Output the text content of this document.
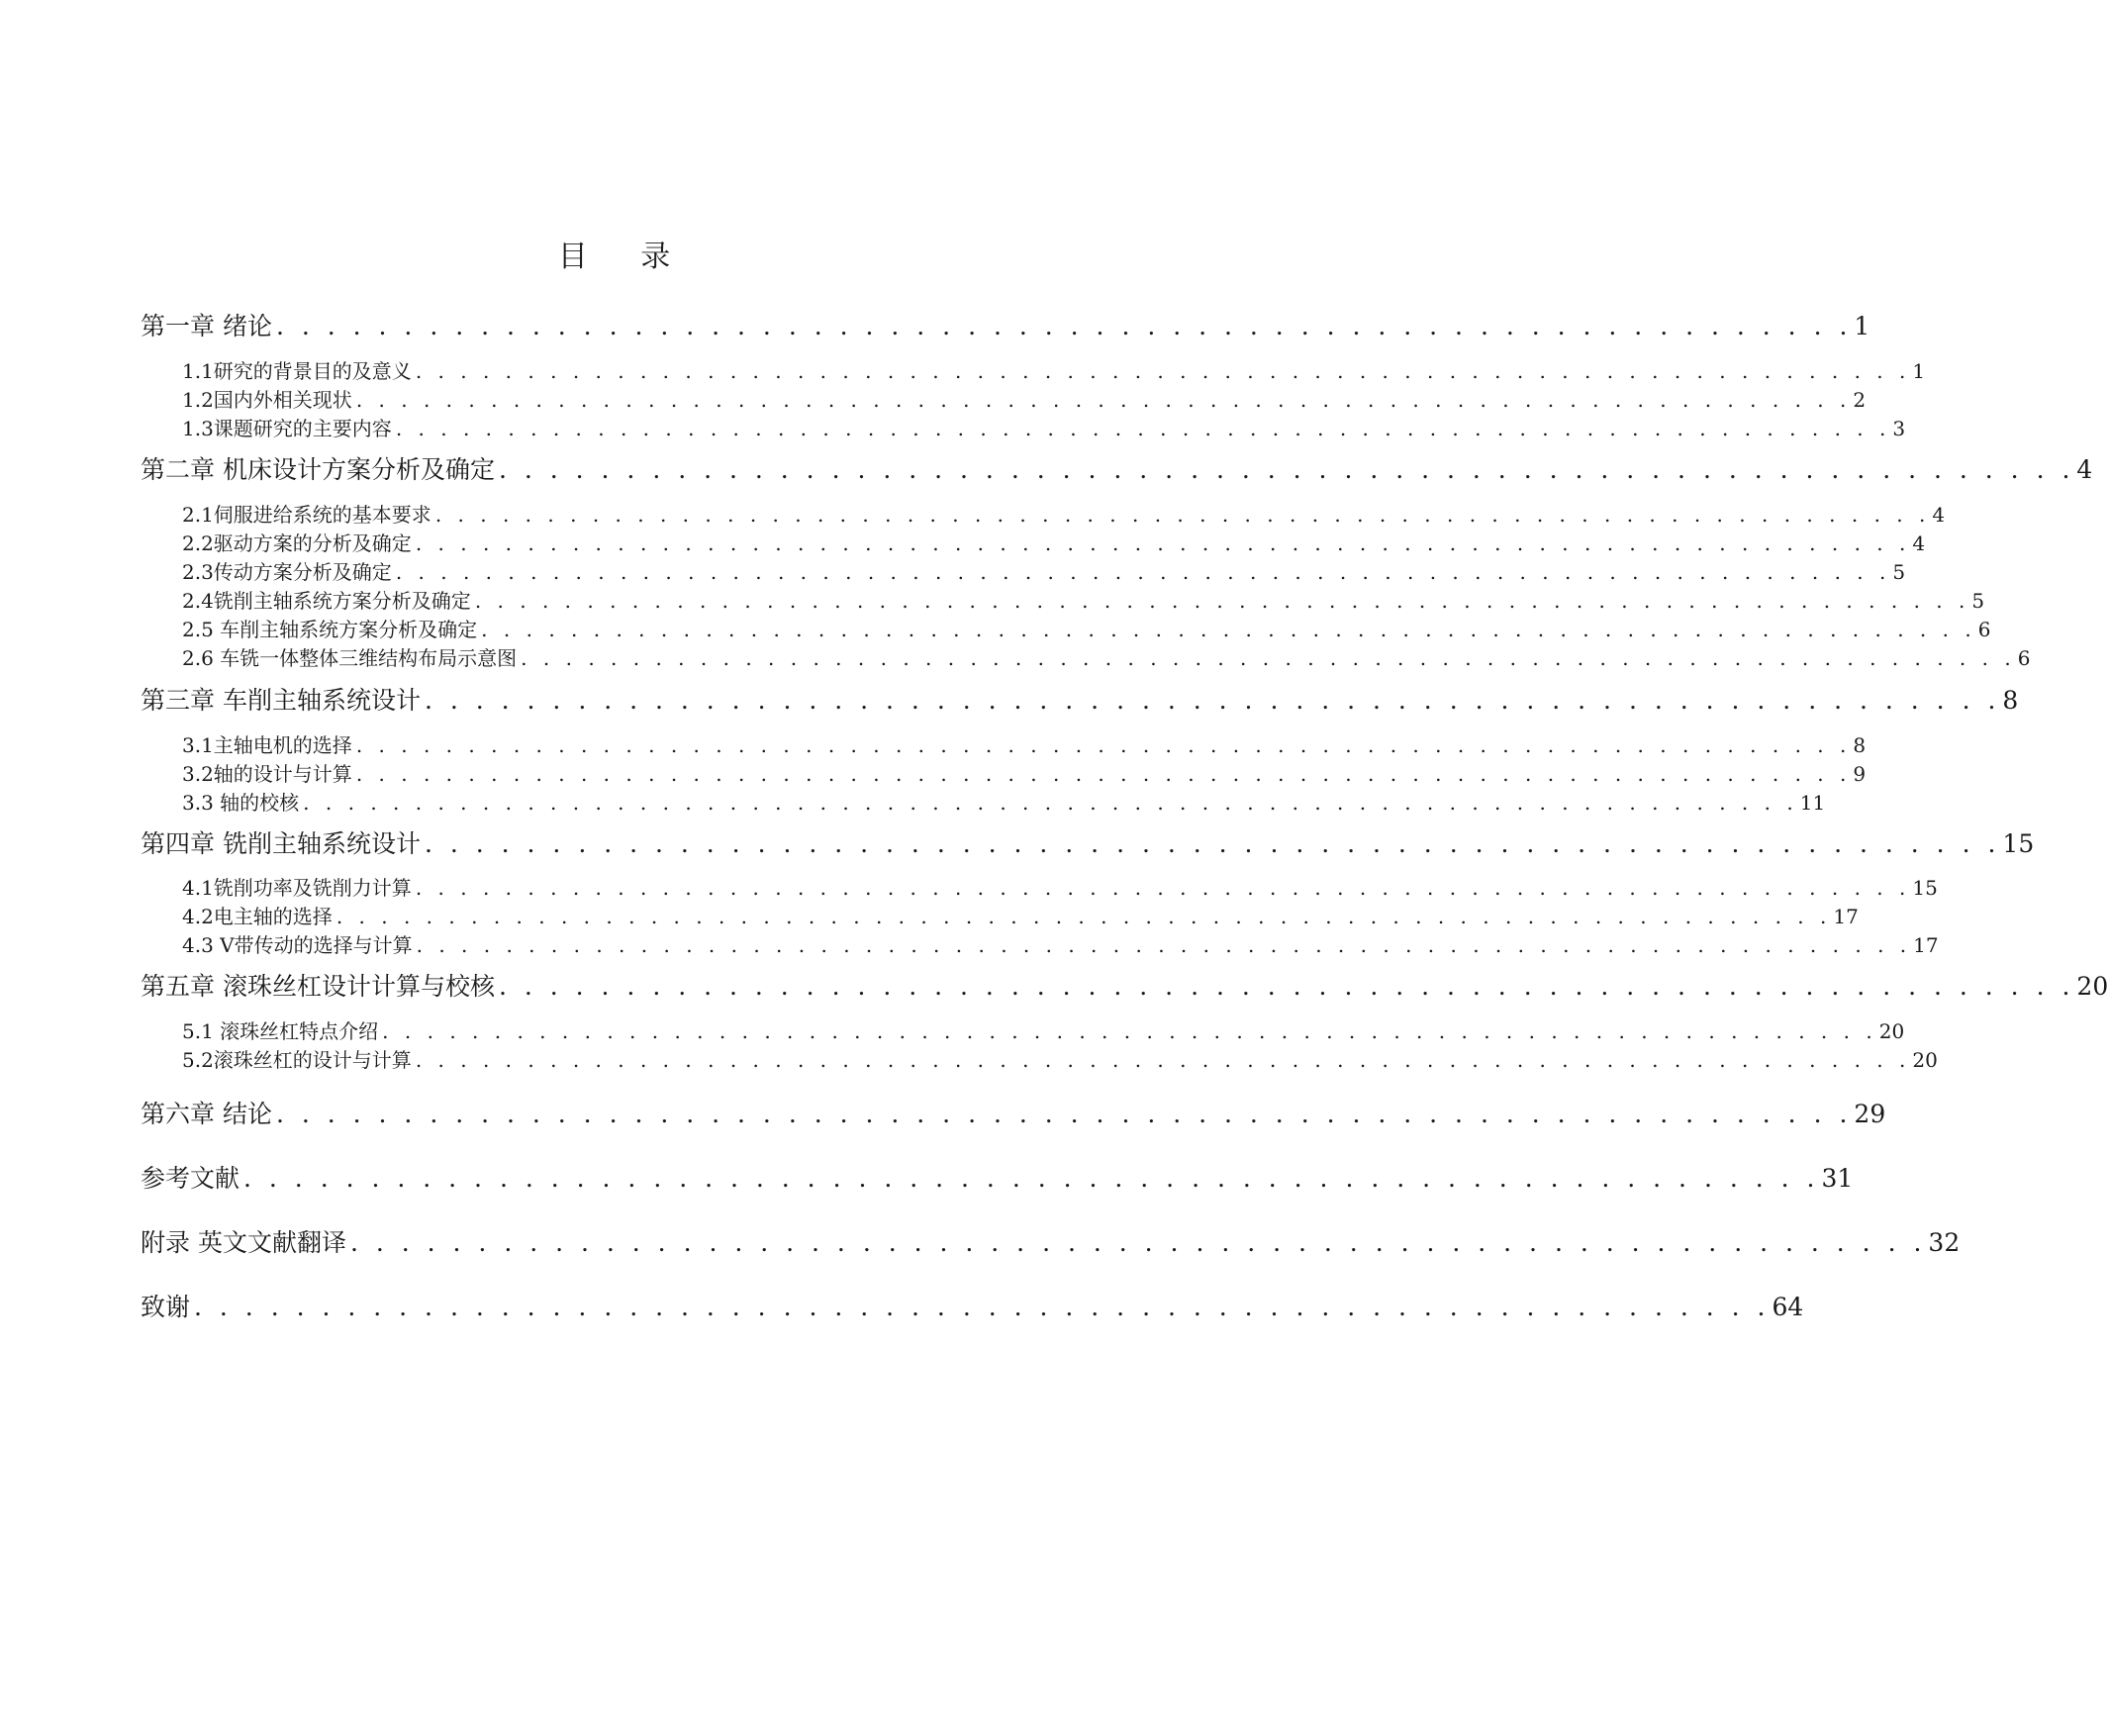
目 录
第一章 绪论 . . . . . . . . . . . . . . . . . . . . . . . . . . . . . . . . . . . . . . . . . . . . . . . . . . . . . . . . . . . . . . 1
1.1研究的背景目的及意义 . . . . . . . . . . . . . . . . . . . . . . . . . . . . . . . . . . . . . . . . . . . . . . . . . . . . . . . . . . . . . . . . . . . 1
1.2国内外相关现状 . . . . . . . . . . . . . . . . . . . . . . . . . . . . . . . . . . . . . . . . . . . . . . . . . . . . . . . . . . . . . . . . . . . 2
1.3课题研究的主要内容 . . . . . . . . . . . . . . . . . . . . . . . . . . . . . . . . . . . . . . . . . . . . . . . . . . . . . . . . . . . . . . . . . . . 3
第二章 机床设计方案分析及确定 . . . . . . . . . . . . . . . . . . . . . . . . . . . . . . . . . . . . . . . . . . . . . . . . . . . . . . . . . . . . . . 4
2.1伺服进给系统的基本要求 . . . . . . . . . . . . . . . . . . . . . . . . . . . . . . . . . . . . . . . . . . . . . . . . . . . . . . . . . . . . . . . . . . . 4
2.2驱动方案的分析及确定 . . . . . . . . . . . . . . . . . . . . . . . . . . . . . . . . . . . . . . . . . . . . . . . . . . . . . . . . . . . . . . . . . . . 4
2.3传动方案分析及确定 . . . . . . . . . . . . . . . . . . . . . . . . . . . . . . . . . . . . . . . . . . . . . . . . . . . . . . . . . . . . . . . . . . . 5
2.4铣削主轴系统方案分析及确定 . . . . . . . . . . . . . . . . . . . . . . . . . . . . . . . . . . . . . . . . . . . . . . . . . . . . . . . . . . . . . . . . . . . 5
2.5 车削主轴系统方案分析及确定 . . . . . . . . . . . . . . . . . . . . . . . . . . . . . . . . . . . . . . . . . . . . . . . . . . . . . . . . . . . . . . . . . . . 6
2.6 车铣一体整体三维结构布局示意图 . . . . . . . . . . . . . . . . . . . . . . . . . . . . . . . . . . . . . . . . . . . . . . . . . . . . . . . . . . . . . . . . . . . 6
第三章 车削主轴系统设计 . . . . . . . . . . . . . . . . . . . . . . . . . . . . . . . . . . . . . . . . . . . . . . . . . . . . . . . . . . . . . . 8
3.1主轴电机的选择 . . . . . . . . . . . . . . . . . . . . . . . . . . . . . . . . . . . . . . . . . . . . . . . . . . . . . . . . . . . . . . . . . . . 8
3.2轴的设计与计算 . . . . . . . . . . . . . . . . . . . . . . . . . . . . . . . . . . . . . . . . . . . . . . . . . . . . . . . . . . . . . . . . . . . 9
3.3 轴的校核 . . . . . . . . . . . . . . . . . . . . . . . . . . . . . . . . . . . . . . . . . . . . . . . . . . . . . . . . . . . . . . . . . . . 11
第四章 铣削主轴系统设计 . . . . . . . . . . . . . . . . . . . . . . . . . . . . . . . . . . . . . . . . . . . . . . . . . . . . . . . . . . . . . . 15
4.1铣削功率及铣削力计算 . . . . . . . . . . . . . . . . . . . . . . . . . . . . . . . . . . . . . . . . . . . . . . . . . . . . . . . . . . . . . . . . . . . 15
4.2电主轴的选择 . . . . . . . . . . . . . . . . . . . . . . . . . . . . . . . . . . . . . . . . . . . . . . . . . . . . . . . . . . . . . . . . . . . 17
4.3 V带传动的选择与计算 . . . . . . . . . . . . . . . . . . . . . . . . . . . . . . . . . . . . . . . . . . . . . . . . . . . . . . . . . . . . . . . . . . . 17
第五章 滚珠丝杠设计计算与校核 . . . . . . . . . . . . . . . . . . . . . . . . . . . . . . . . . . . . . . . . . . . . . . . . . . . . . . . . . . . . . . 20
5.1 滚珠丝杠特点介绍 . . . . . . . . . . . . . . . . . . . . . . . . . . . . . . . . . . . . . . . . . . . . . . . . . . . . . . . . . . . . . . . . . . . 20
5.2滚珠丝杠的设计与计算 . . . . . . . . . . . . . . . . . . . . . . . . . . . . . . . . . . . . . . . . . . . . . . . . . . . . . . . . . . . . . . . . . . . 20
第六章 结论 . . . . . . . . . . . . . . . . . . . . . . . . . . . . . . . . . . . . . . . . . . . . . . . . . . . . . . . . . . . . . . 29
参考文献 . . . . . . . . . . . . . . . . . . . . . . . . . . . . . . . . . . . . . . . . . . . . . . . . . . . . . . . . . . . . . . 31
附录 英文文献翻译 . . . . . . . . . . . . . . . . . . . . . . . . . . . . . . . . . . . . . . . . . . . . . . . . . . . . . . . . . . . . . . 32
致谢 . . . . . . . . . . . . . . . . . . . . . . . . . . . . . . . . . . . . . . . . . . . . . . . . . . . . . . . . . . . . . . 64
